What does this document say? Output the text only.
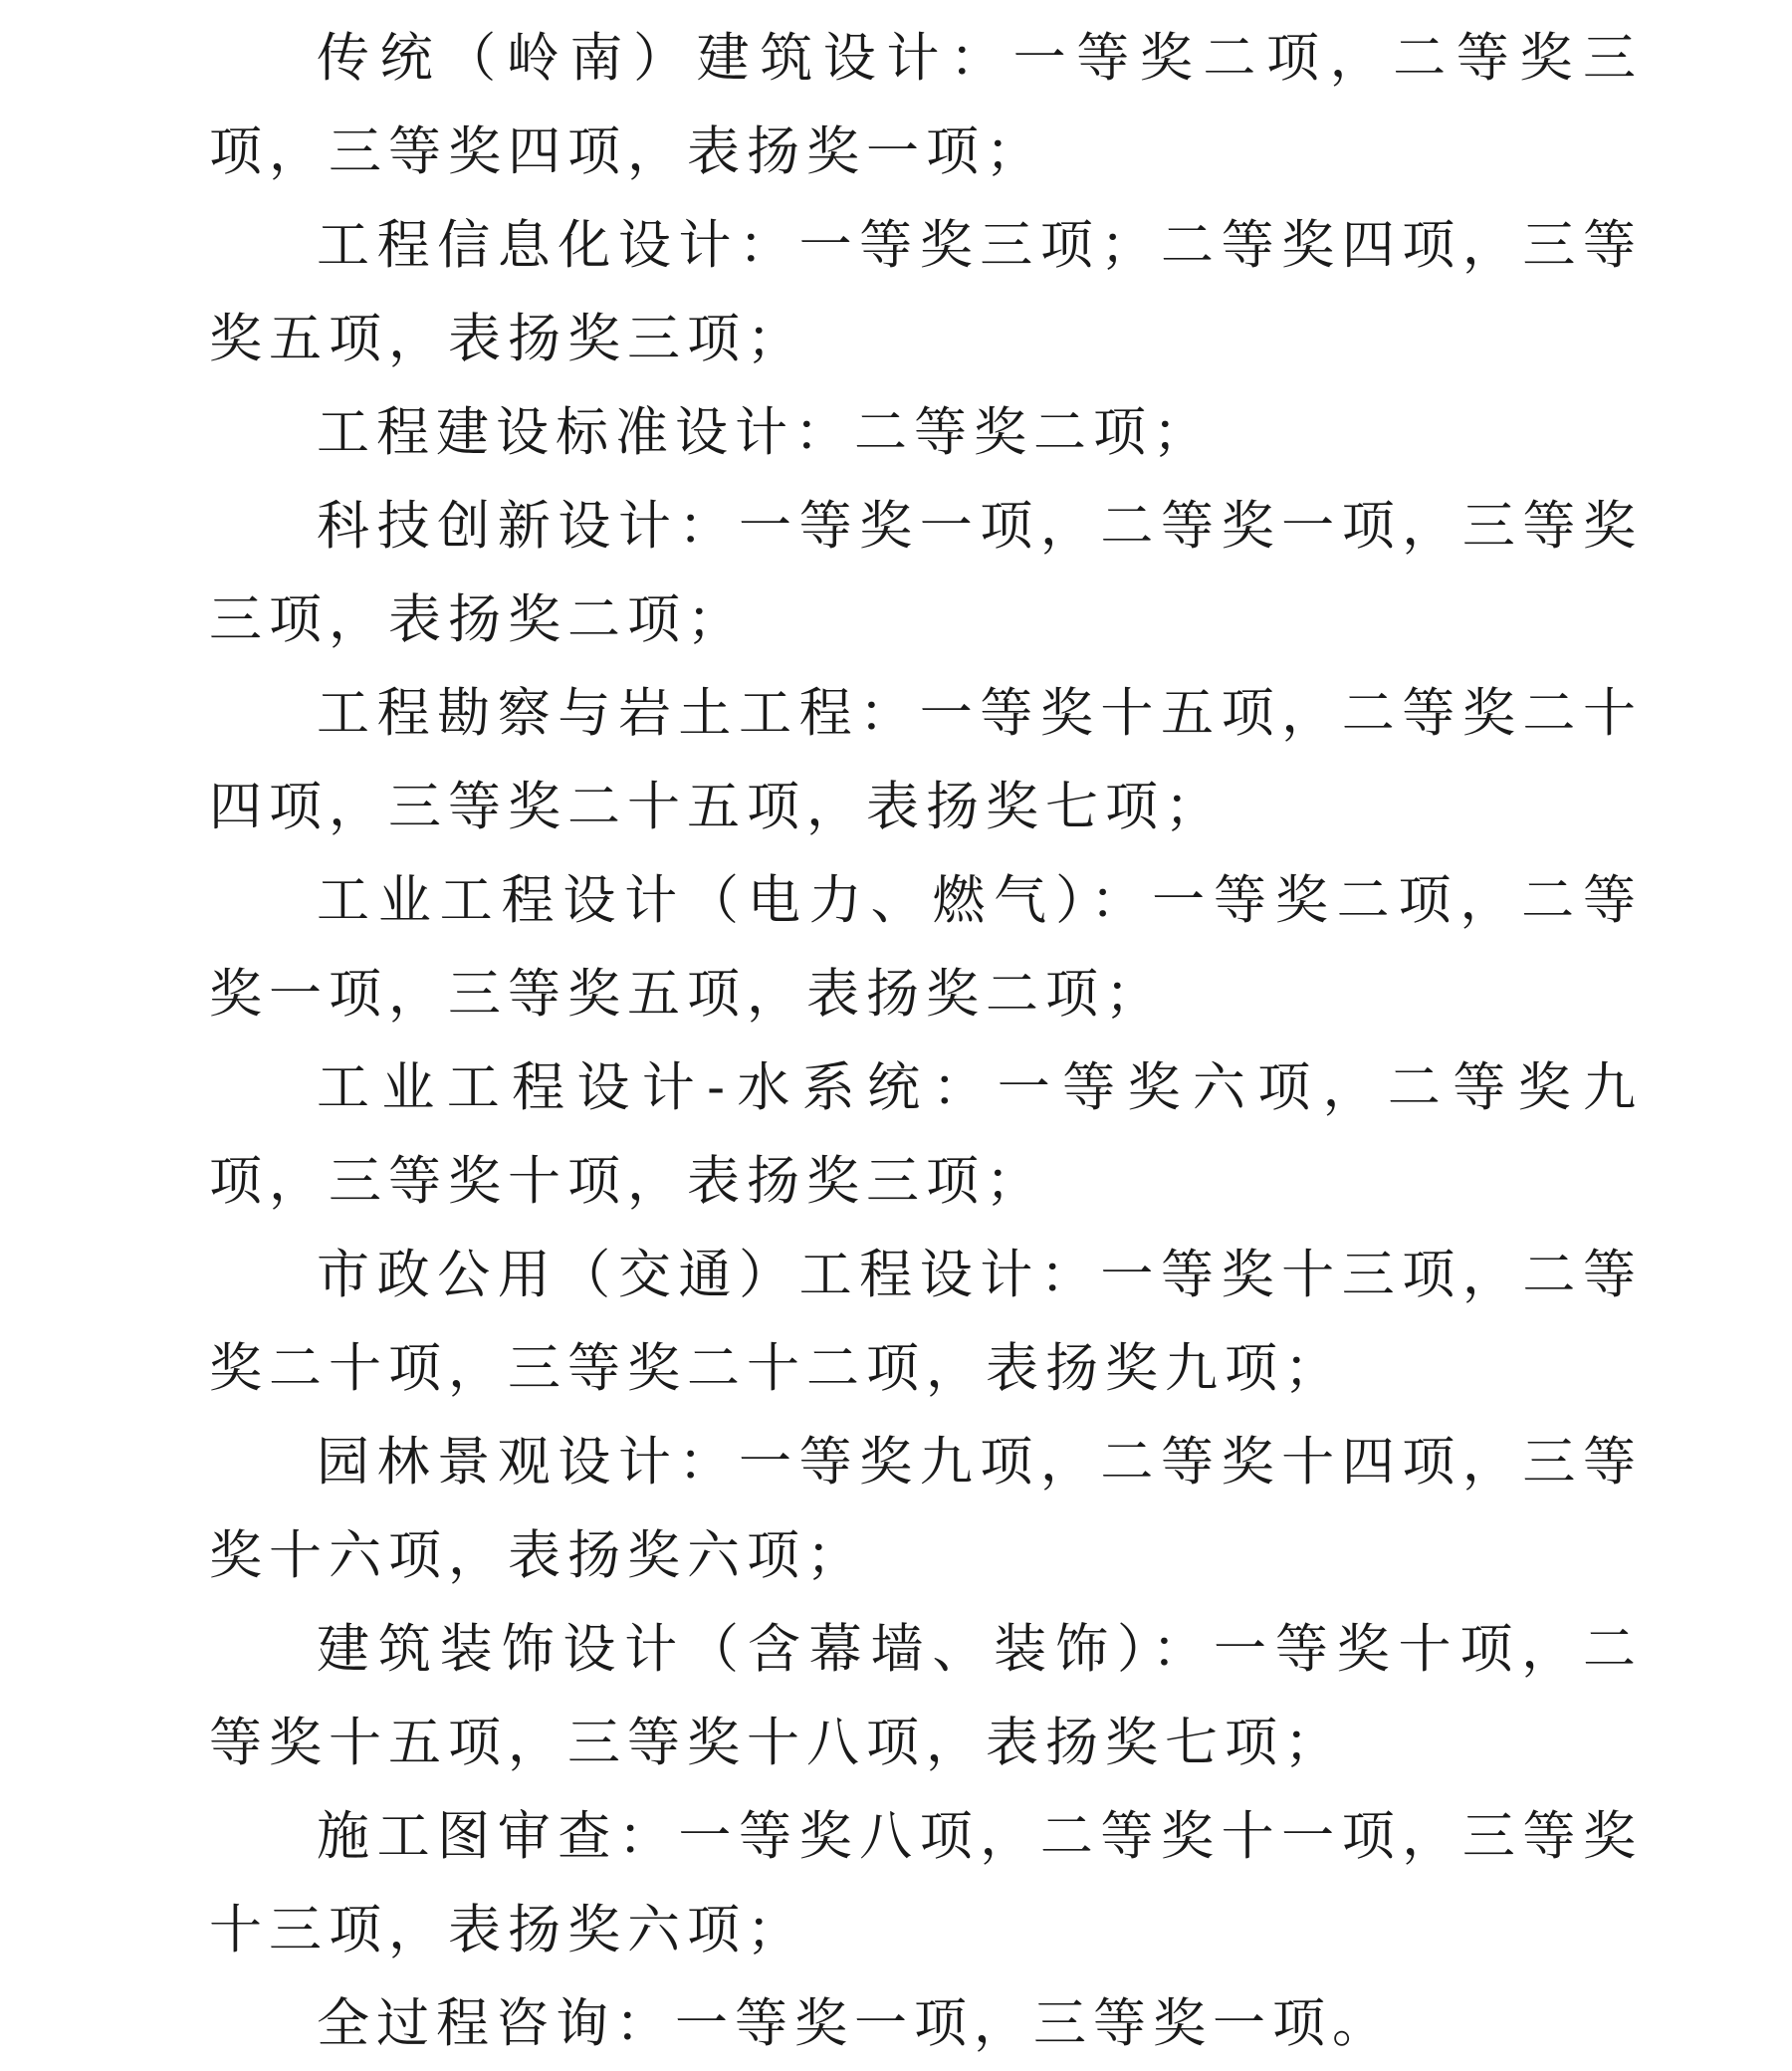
传统（岭南）建筑设计：一等奖二项，二等奖三项，三等奖四项，表扬奖一项；

工程信息化设计：一等奖三项；二等奖四项，三等奖五项，表扬奖三项；

工程建设标准设计：二等奖二项；

科技创新设计：一等奖一项，二等奖一项，三等奖三项，表扬奖二项；

工程勘察与岩土工程：一等奖十五项，二等奖二十四项，三等奖二十五项，表扬奖七项；

工业工程设计（电力、燃气）：一等奖二项，二等奖一项，三等奖五项，表扬奖二项；

工业工程设计-水系统：一等奖六项，二等奖九项，三等奖十项，表扬奖三项；

市政公用（交通）工程设计：一等奖十三项，二等奖二十项，三等奖二十二项，表扬奖九项；

园林景观设计：一等奖九项，二等奖十四项，三等奖十六项，表扬奖六项；

建筑装饰设计（含幕墙、装饰）：一等奖十项，二等奖十五项，三等奖十八项，表扬奖七项；

施工图审查：一等奖八项，二等奖十一项，三等奖十三项，表扬奖六项；

全过程咨询：一等奖一项，三等奖一项。
